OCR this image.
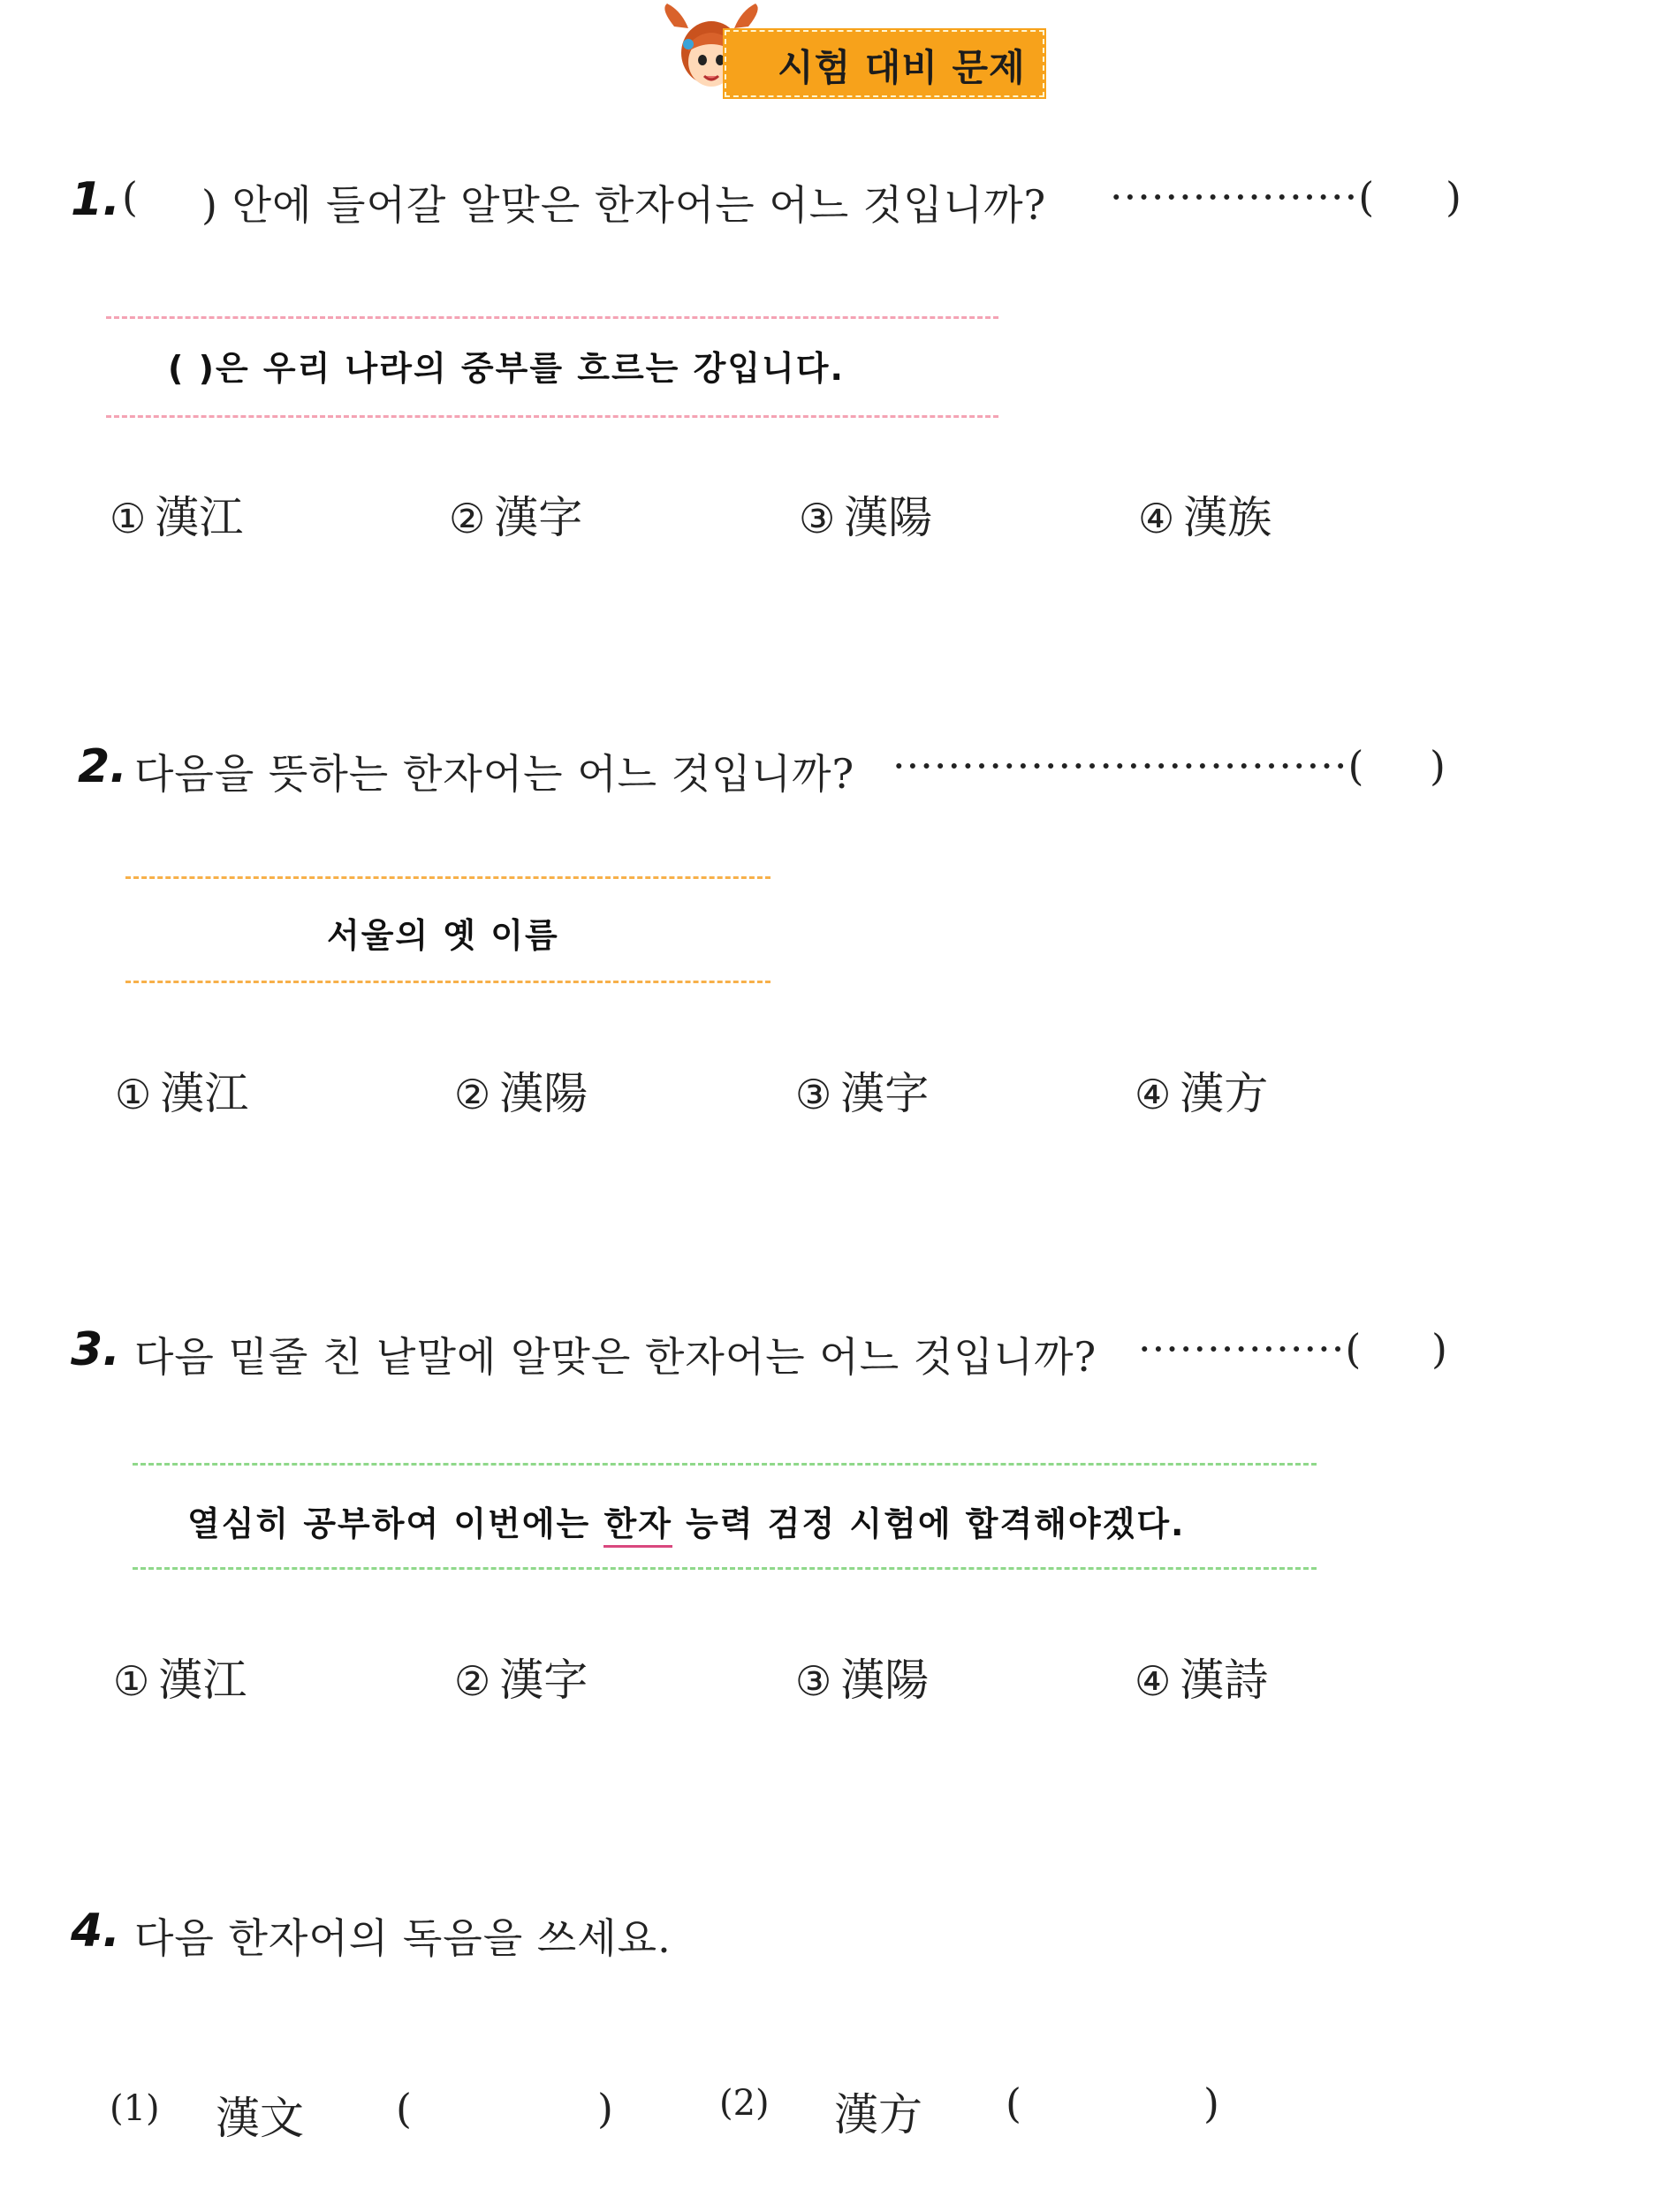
시험 대비 문제
1. ( ) 안에 들어갈 알맞은 한자어는 어느 것입니까? ··················( )
( )은 우리 나라의 중부를 흐르는 강입니다.
① 漢江	② 漢字	③ 漢陽	④ 漢族
2. 다음을 뜻하는 한자어는 어느 것입니까? ·································( )
서울의 옛 이름
① 漢江	② 漢陽	③ 漢字	④ 漢方
3. 다음 밑줄 친 낱말에 알맞은 한자어는 어느 것입니까? ···············( )
열심히 공부하여 이번에는 한자 능력 검정 시험에 합격해야겠다.
① 漢江	② 漢字	③ 漢陽	④ 漢詩
4. 다음 한자어의 독음을 쓰세요.
(1) 漢文 (	)	(2) 漢方 (	)
